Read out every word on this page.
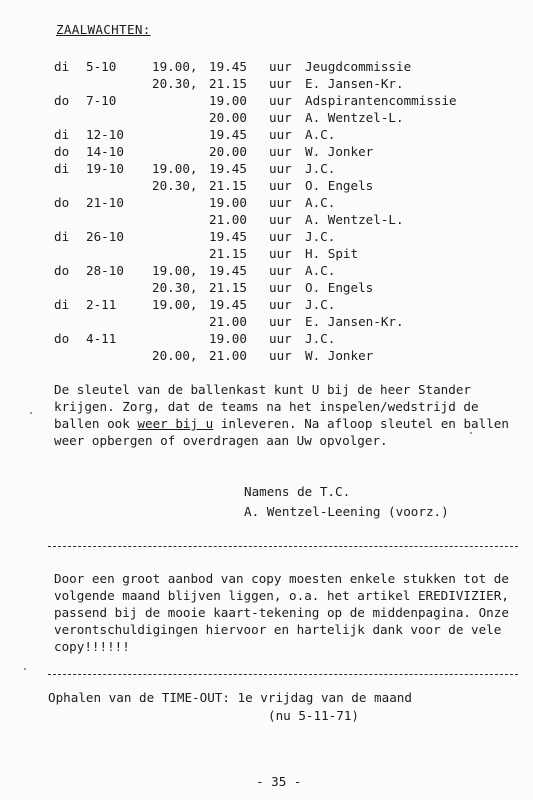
ZAALWACHTEN:
di	5-10	19.00,	19.45	uur	Jeugdcommissie
		20.30,	21.15	uur	E. Jansen-Kr.
do	7-10		19.00	uur	Adspirantencommissie
			20.00	uur	A. Wentzel-L.
di	12-10		19.45	uur	A.C.
do	14-10		20.00	uur	W. Jonker
di	19-10	19.00,	19.45	uur	J.C.
		20.30,	21.15	uur	O. Engels
do	21-10		19.00	uur	A.C.
			21.00	uur	A. Wentzel-L.
di	26-10		19.45	uur	J.C.
			21.15	uur	H. Spit
do	28-10	19.00,	19.45	uur	A.C.
		20.30,	21.15	uur	O. Engels
di	2-11	19.00,	19.45	uur	J.C.
			21.00	uur	E. Jansen-Kr.
do	4-11		19.00	uur	J.C.
		20.00,	21.00	uur	W. Jonker
De sleutel van de ballenkast kunt U bij de heer Stander krijgen. Zorg, dat de teams na het inspelen/wedstrijd de ballen ook weer bij u inleveren. Na afloop sleutel en ballen weer opbergen of overdragen aan Uw opvolger.
Namens de T.C.
A. Wentzel-Leening (voorz.)
Door een groot aanbod van copy moesten enkele stukken tot de volgende maand blijven liggen, o.a. het artikel EREDIVIZIER, passend bij de mooie kaart-tekening op de middenpagina. Onze verontschuldigingen hiervoor en hartelijk dank voor de vele copy!!!!!!
Ophalen van de TIME-OUT: 1e vrijdag van de maand
(nu 5-11-71)
- 35 -
